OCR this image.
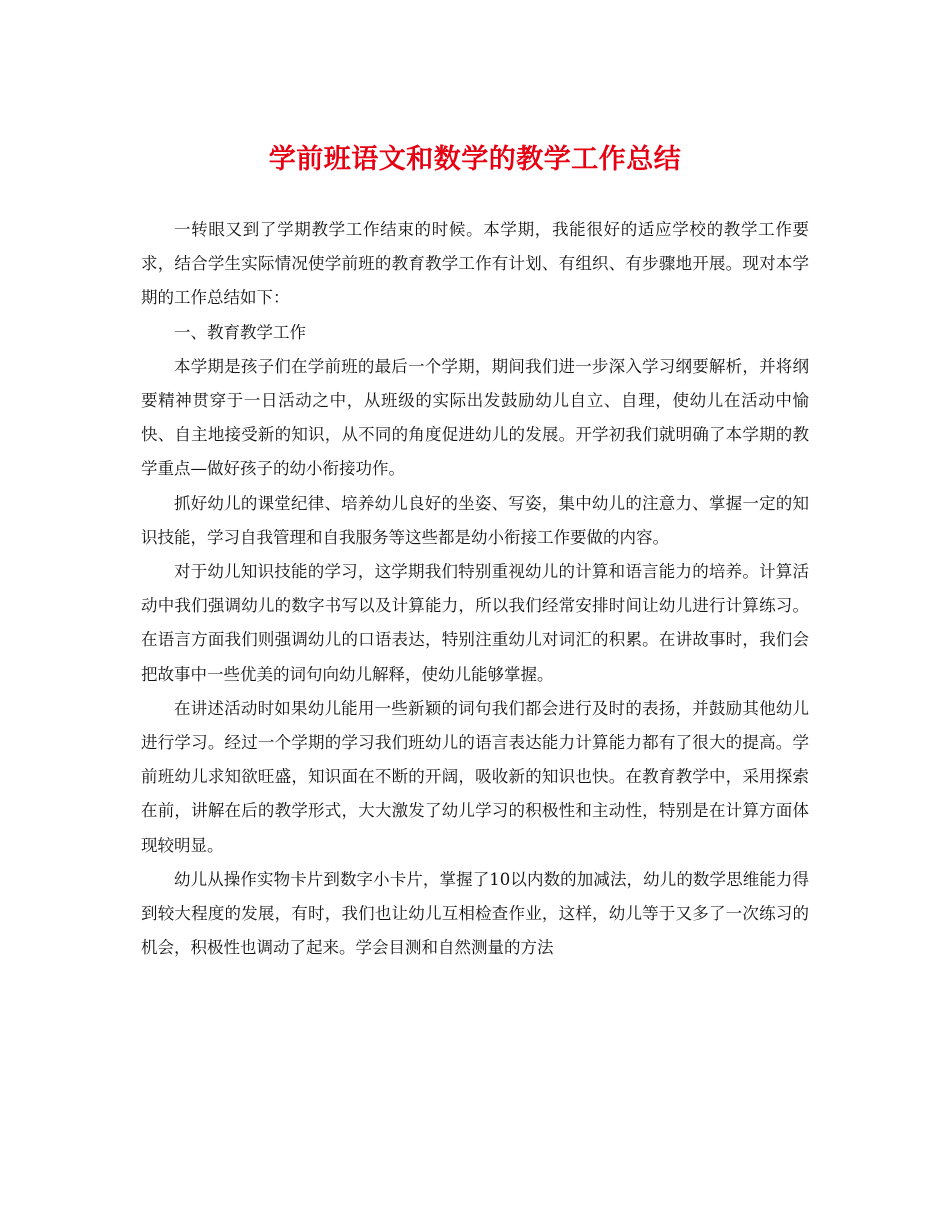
学前班语文和数学的教学工作总结

一转眼又到了学期教学工作结束的时候。本学期，我能很好的适应学校的教学工作要求，结合学生实际情况使学前班的教育教学工作有计划、有组织、有步骤地开展。现对本学期的工作总结如下：

一、教育教学工作

本学期是孩子们在学前班的最后一个学期，期间我们进一步深入学习纲要解析，并将纲要精神贯穿于一日活动之中，从班级的实际出发鼓励幼儿自立、自理，使幼儿在活动中愉快、自主地接受新的知识，从不同的角度促进幼儿的发展。开学初我们就明确了本学期的教学重点—做好孩子的幼小衔接功作。

抓好幼儿的课堂纪律、培养幼儿良好的坐姿、写姿，集中幼儿的注意力、掌握一定的知识技能，学习自我管理和自我服务等这些都是幼小衔接工作要做的内容。

对于幼儿知识技能的学习，这学期我们特别重视幼儿的计算和语言能力的培养。计算活动中我们强调幼儿的数字书写以及计算能力，所以我们经常安排时间让幼儿进行计算练习。在语言方面我们则强调幼儿的口语表达，特别注重幼儿对词汇的积累。在讲故事时，我们会把故事中一些优美的词句向幼儿解释，使幼儿能够掌握。

在讲述活动时如果幼儿能用一些新颖的词句我们都会进行及时的表扬，并鼓励其他幼儿进行学习。经过一个学期的学习我们班幼儿的语言表达能力计算能力都有了很大的提高。学前班幼儿求知欲旺盛，知识面在不断的开阔，吸收新的知识也快。在教育教学中，采用探索在前，讲解在后的教学形式，大大激发了幼儿学习的积极性和主动性，特别是在计算方面体现较明显。

幼儿从操作实物卡片到数字小卡片，掌握了10以内数的加减法，幼儿的数学思维能力得到较大程度的发展，有时，我们也让幼儿互相检查作业，这样，幼儿等于又多了一次练习的机会，积极性也调动了起来。学会目测和自然测量的方法
